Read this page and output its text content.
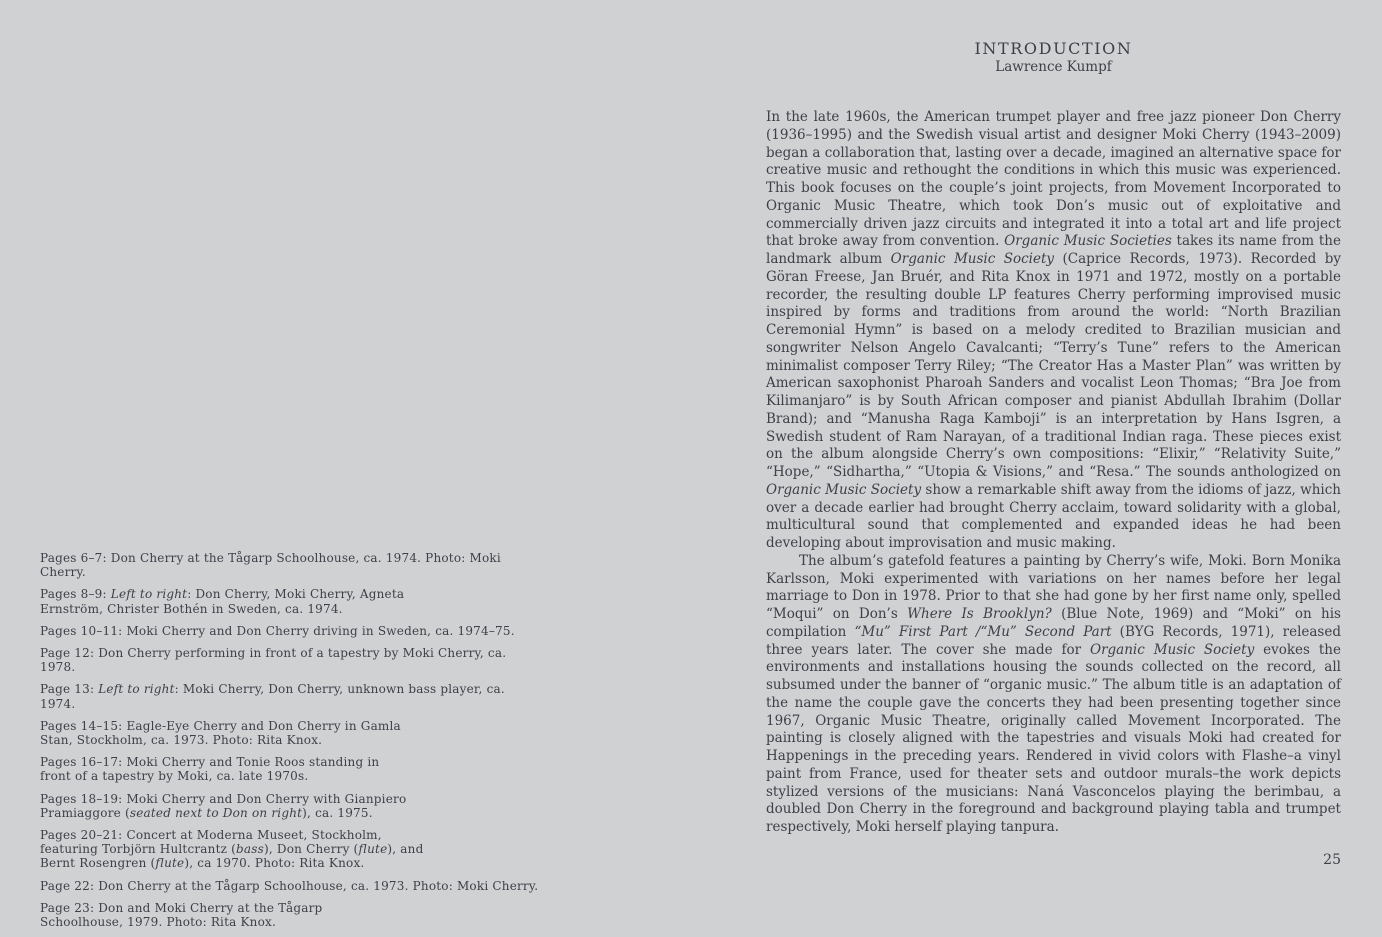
Pages 6–7: Don Cherry at the Tågarp Schoolhouse, ca. 1974. Photo: Moki Cherry.
Pages 8–9: Left to right: Don Cherry, Moki Cherry, Agneta
Ernström, Christer Bothén in Sweden, ca. 1974.
Pages 10–11: Moki Cherry and Don Cherry driving in Sweden, ca. 1974–75.
Page 12: Don Cherry performing in front of a tapestry by Moki Cherry, ca. 1978.
Page 13: Left to right: Moki Cherry, Don Cherry, unknown bass player, ca. 1974.
Pages 14–15: Eagle-Eye Cherry and Don Cherry in Gamla
Stan, Stockholm, ca. 1973. Photo: Rita Knox.
Pages 16–17: Moki Cherry and Tonie Roos standing in
front of a tapestry by Moki, ca. late 1970s.
Pages 18–19: Moki Cherry and Don Cherry with Gianpiero
Pramiaggore (seated next to Don on right), ca. 1975.
Pages 20–21: Concert at Moderna Museet, Stockholm,
featuring Torbjörn Hultcrantz (bass), Don Cherry (flute), and
Bernt Rosengren (flute), ca 1970. Photo: Rita Knox.
Page 22: Don Cherry at the Tågarp Schoolhouse, ca. 1973. Photo: Moki Cherry.
Page 23: Don and Moki Cherry at the Tågarp
Schoolhouse, 1979. Photo: Rita Knox.
INTRODUCTION
Lawrence Kumpf

In the late 1960s, the American trumpet player and free jazz pioneer Don Cherry (1936–1995) and the Swedish visual artist and designer Moki Cherry (1943–2009) began a collaboration that, lasting over a decade, imagined an alternative space for creative music and rethought the conditions in which this music was experienced. This book focuses on the couple’s joint projects, from Movement Incorporated to Organic Music Theatre, which took Don’s music out of exploitative and commercially driven jazz circuits and integrated it into a total art and life project that broke away from convention. Organic Music Societies takes its name from the landmark album Organic Music Society (Caprice Records, 1973). Recorded by Göran Freese, Jan Bruér, and Rita Knox in 1971 and 1972, mostly on a portable recorder, the resulting double LP features Cherry performing improvised music inspired by forms and traditions from around the world: “North Brazilian Ceremonial Hymn” is based on a melody credited to Brazilian musician and songwriter Nelson Angelo Cavalcanti; “Terry’s Tune” refers to the American minimalist composer Terry Riley; “The Creator Has a Master Plan” was written by American saxophonist Pharoah Sanders and vocalist Leon Thomas; “Bra Joe from Kilimanjaro” is by South African composer and pianist Abdullah Ibrahim (Dollar Brand); and “Manusha Raga Kamboji” is an interpretation by Hans Isgren, a Swedish student of Ram Narayan, of a traditional Indian raga. These pieces exist on the album alongside Cherry’s own compositions: “Elixir,” “Relativity Suite,” “Hope,” “Sidhartha,” “Utopia & Visions,” and “Resa.” The sounds anthologized on Organic Music Society show a remarkable shift away from the idioms of jazz, which over a decade earlier had brought Cherry acclaim, toward solidarity with a global, multicultural sound that complemented and expanded ideas he had been developing about improvisation and music making.

The album’s gatefold features a painting by Cherry’s wife, Moki. Born Monika Karlsson, Moki experimented with variations on her names before her legal marriage to Don in 1978. Prior to that she had gone by her first name only, spelled “Moqui” on Don’s Where Is Brooklyn? (Blue Note, 1969) and “Moki” on his compilation “Mu” First Part /“Mu” Second Part (BYG Records, 1971), released three years later. The cover she made for Organic Music Society evokes the environments and installations housing the sounds collected on the record, all subsumed under the banner of “organic music.” The album title is an adaptation of the name the couple gave the concerts they had been presenting together since 1967, Organic Music Theatre, originally called Movement Incorporated. The painting is closely aligned with the tapestries and visuals Moki had created for Happenings in the preceding years. Rendered in vivid colors with Flashe–a vinyl paint from France, used for theater sets and outdoor murals–the work depicts stylized versions of the musicians: Naná Vasconcelos playing the berimbau, a doubled Don Cherry in the foreground and background playing tabla and trumpet respectively, Moki herself playing tanpura.

25
